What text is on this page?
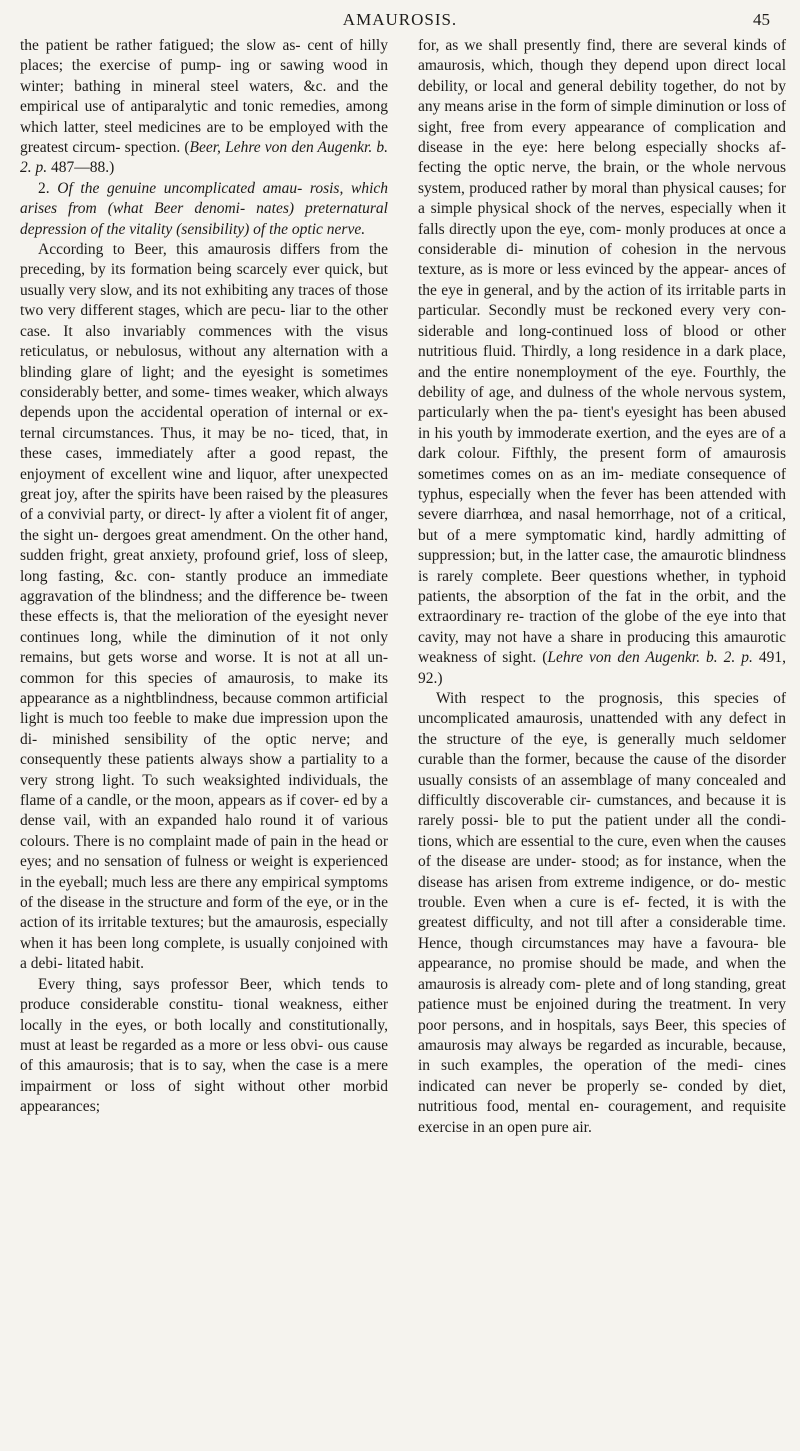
AMAUROSIS.	45

the patient be rather fatigued; the slow as- cent of hilly places; the exercise of pump- ing or sawing wood in winter; bathing in mineral steel waters, &c. and the empirical use of antiparalytic and tonic remedies, among which latter, steel medicines are to be employed with the greatest circum- spection. (Beer, Lehre von den Augenkr. b. 2. p. 487—88.)

2. Of the genuine uncomplicated amau- rosis, which arises from (what Beer denomi- nates) preternatural depression of the vitality (sensibility) of the optic nerve.

According to Beer, this amaurosis differs from the preceding, by its formation being scarcely ever quick, but usually very slow, and its not exhibiting any traces of those two very different stages, which are pecu- liar to the other case. It also invariably commences with the visus reticulatus, or nebulosus, without any alternation with a blinding glare of light; and the eyesight is sometimes considerably better, and some- times weaker, which always depends upon the accidental operation of internal or ex- ternal circumstances. Thus, it may be no- ticed, that, in these cases, immediately after a good repast, the enjoyment of excellent wine and liquor, after unexpected great joy, after the spirits have been raised by the pleasures of a convivial party, or direct- ly after a violent fit of anger, the sight un- dergoes great amendment. On the other hand, sudden fright, great anxiety, profound grief, loss of sleep, long fasting, &c. con- stantly produce an immediate aggravation of the blindness; and the difference be- tween these effects is, that the melioration of the eyesight never continues long, while the diminution of it not only remains, but gets worse and worse. It is not at all un- common for this species of amaurosis, to make its appearance as a nightblindness, because common artificial light is much too feeble to make due impression upon the di- minished sensibility of the optic nerve; and consequently these patients always show a partiality to a very strong light. To such weaksighted individuals, the flame of a candle, or the moon, appears as if cover- ed by a dense vail, with an expanded halo round it of various colours. There is no complaint made of pain in the head or eyes; and no sensation of fulness or weight is experienced in the eyeball; much less are there any empirical symptoms of the disease in the structure and form of the eye, or in the action of its irritable textures; but the amaurosis, especially when it has been long complete, is usually conjoined with a debi- litated habit.

Every thing, says professor Beer, which tends to produce considerable constitu- tional weakness, either locally in the eyes, or both locally and constitutionally, must at least be regarded as a more or less obvi- ous cause of this amaurosis; that is to say, when the case is a mere impairment or loss of sight without other morbid appearances;

for, as we shall presently find, there are several kinds of amaurosis, which, though they depend upon direct local debility, or local and general debility together, do not by any means arise in the form of simple diminution or loss of sight, free from every appearance of complication and disease in the eye: here belong especially shocks af- fecting the optic nerve, the brain, or the whole nervous system, produced rather by moral than physical causes; for a simple physical shock of the nerves, especially when it falls directly upon the eye, com- monly produces at once a considerable di- minution of cohesion in the nervous texture, as is more or less evinced by the appear- ances of the eye in general, and by the action of its irritable parts in particular. Secondly must be reckoned every very con- siderable and long-continued loss of blood or other nutritious fluid. Thirdly, a long residence in a dark place, and the entire nonemployment of the eye. Fourthly, the debility of age, and dulness of the whole nervous system, particularly when the pa- tient's eyesight has been abused in his youth by immoderate exertion, and the eyes are of a dark colour. Fifthly, the present form of amaurosis sometimes comes on as an im- mediate consequence of typhus, especially when the fever has been attended with severe diarrhœa, and nasal hemorrhage, not of a critical, but of a mere symptomatic kind, hardly admitting of suppression; but, in the latter case, the amaurotic blindness is rarely complete. Beer questions whether, in typhoid patients, the absorption of the fat in the orbit, and the extraordinary re- traction of the globe of the eye into that cavity, may not have a share in producing this amaurotic weakness of sight. (Lehre von den Augenkr. b. 2. p. 491, 92.)

With respect to the prognosis, this species of uncomplicated amaurosis, unattended with any defect in the structure of the eye, is generally much seldomer curable than the former, because the cause of the disorder usually consists of an assemblage of many concealed and difficultly discoverable cir- cumstances, and because it is rarely possi- ble to put the patient under all the condi- tions, which are essential to the cure, even when the causes of the disease are under- stood; as for instance, when the disease has arisen from extreme indigence, or do- mestic trouble. Even when a cure is ef- fected, it is with the greatest difficulty, and not till after a considerable time. Hence, though circumstances may have a favoura- ble appearance, no promise should be made, and when the amaurosis is already com- plete and of long standing, great patience must be enjoined during the treatment. In very poor persons, and in hospitals, says Beer, this species of amaurosis may always be regarded as incurable, because, in such examples, the operation of the medi- cines indicated can never be properly se- conded by diet, nutritious food, mental en- couragement, and requisite exercise in an open pure air.
